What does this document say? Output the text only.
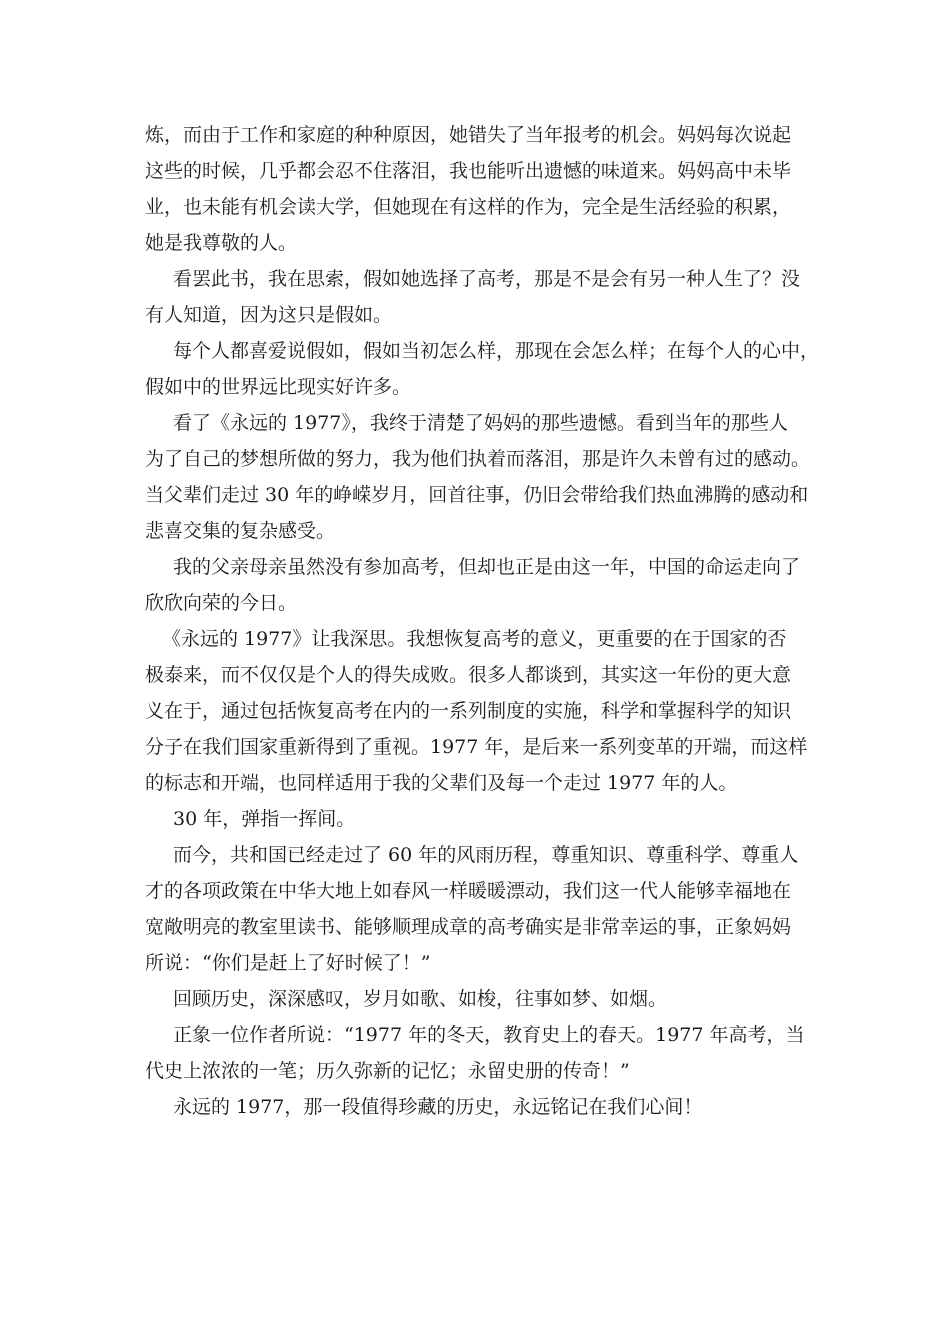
炼，而由于工作和家庭的种种原因，她错失了当年报考的机会。妈妈每次说起
这些的时候，几乎都会忍不住落泪，我也能听出遗憾的味道来。妈妈高中未毕
业，也未能有机会读大学，但她现在有这样的作为，完全是生活经验的积累，
她是我尊敬的人。
看罢此书，我在思索，假如她选择了高考，那是不是会有另一种人生了？没
有人知道，因为这只是假如。
每个人都喜爱说假如，假如当初怎么样，那现在会怎么样；在每个人的心中，
假如中的世界远比现实好许多。
看了《永远的 1977》，我终于清楚了妈妈的那些遗憾。看到当年的那些人
为了自己的梦想所做的努力，我为他们执着而落泪，那是许久未曾有过的感动。
当父辈们走过 30 年的峥嵘岁月，回首往事，仍旧会带给我们热血沸腾的感动和
悲喜交集的复杂感受。
我的父亲母亲虽然没有参加高考，但却也正是由这一年，中国的命运走向了
欣欣向荣的今日。
《永远的 1977》让我深思。我想恢复高考的意义，更重要的在于国家的否
极泰来，而不仅仅是个人的得失成败。很多人都谈到，其实这一年份的更大意
义在于，通过包括恢复高考在内的一系列制度的实施，科学和掌握科学的知识
分子在我们国家重新得到了重视。1977 年，是后来一系列变革的开端，而这样
的标志和开端，也同样适用于我的父辈们及每一个走过 1977 年的人。
30 年，弹指一挥间。
而今，共和国已经走过了 60 年的风雨历程，尊重知识、尊重科学、尊重人
才的各项政策在中华大地上如春风一样暖暖漂动，我们这一代人能够幸福地在
宽敞明亮的教室里读书、能够顺理成章的高考确实是非常幸运的事，正象妈妈
所说：“你们是赶上了好时候了！”
回顾历史，深深感叹，岁月如歌、如梭，往事如梦、如烟。
正象一位作者所说：“1977 年的冬天，教育史上的春天。1977 年高考，当
代史上浓浓的一笔；历久弥新的记忆；永留史册的传奇！”
永远的 1977，那一段值得珍藏的历史，永远铭记在我们心间！
